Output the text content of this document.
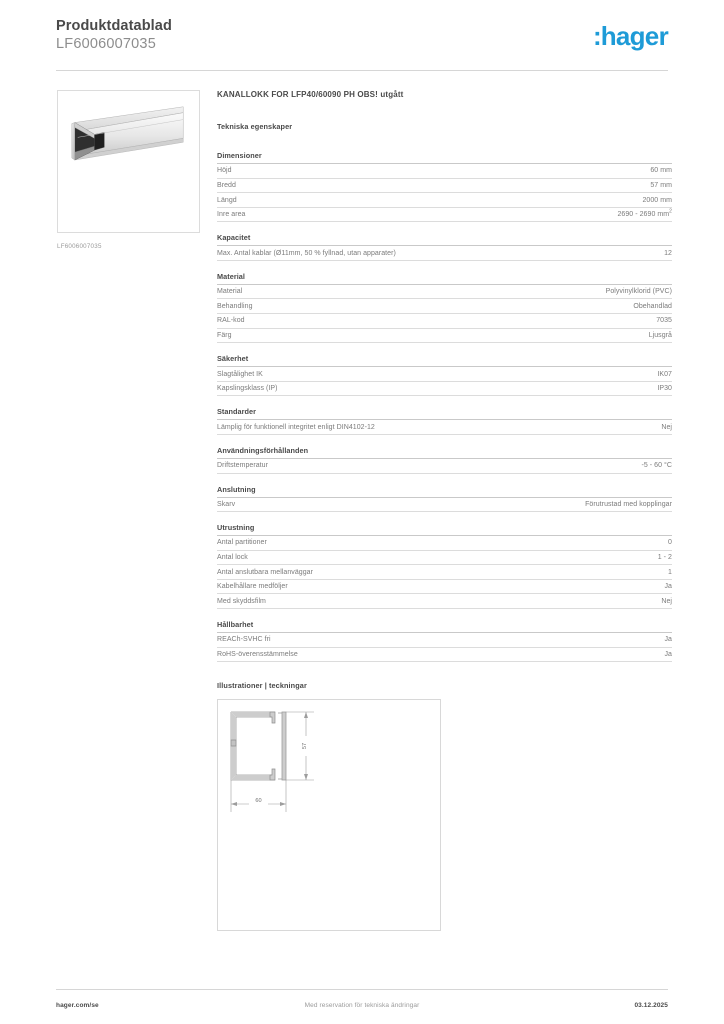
Produktdatablad
LF6006007035	:hager
LF6006007035
KANALLOKK FOR LFP40/60090 PH OBS! utgått
Tekniska egenskaper
Dimensioner
Höjd	60 mm
Bredd	57 mm
Längd	2000 mm
Inre area	2690 - 2690 $mm^2$
Kapacitet
Max. Antal kablar (Ø11mm, 50 % fyllnad, utan apparater)	12
Material
Material	Polyvinylklorid (PVC)
Behandling	Obehandlad
RAL-kod	7035
Färg	Ljusgrå
Säkerhet
Slagtålighet IK	IK07
Kapslingsklass (IP)	IP30
Standarder
Lämplig för funktionell integritet enligt DIN4102-12	Nej
Användningsförhållanden
Driftstemperatur	-5 - 60 °C
Anslutning
Skarv	Förutrustad med kopplingar
Utrustning
Antal partitioner	0
Antal lock	1 - 2
Antal anslutbara mellanväggar	1
Kabelhållare medföljer	Ja
Med skyddsfilm	Nej
Hållbarhet
REACh-SVHC fri	Ja
RoHS-överensstämmelse	Ja
Illustrationer | teckningar
57
60
hager.com/se	Med reservation för tekniska ändringar	03.12.2025
